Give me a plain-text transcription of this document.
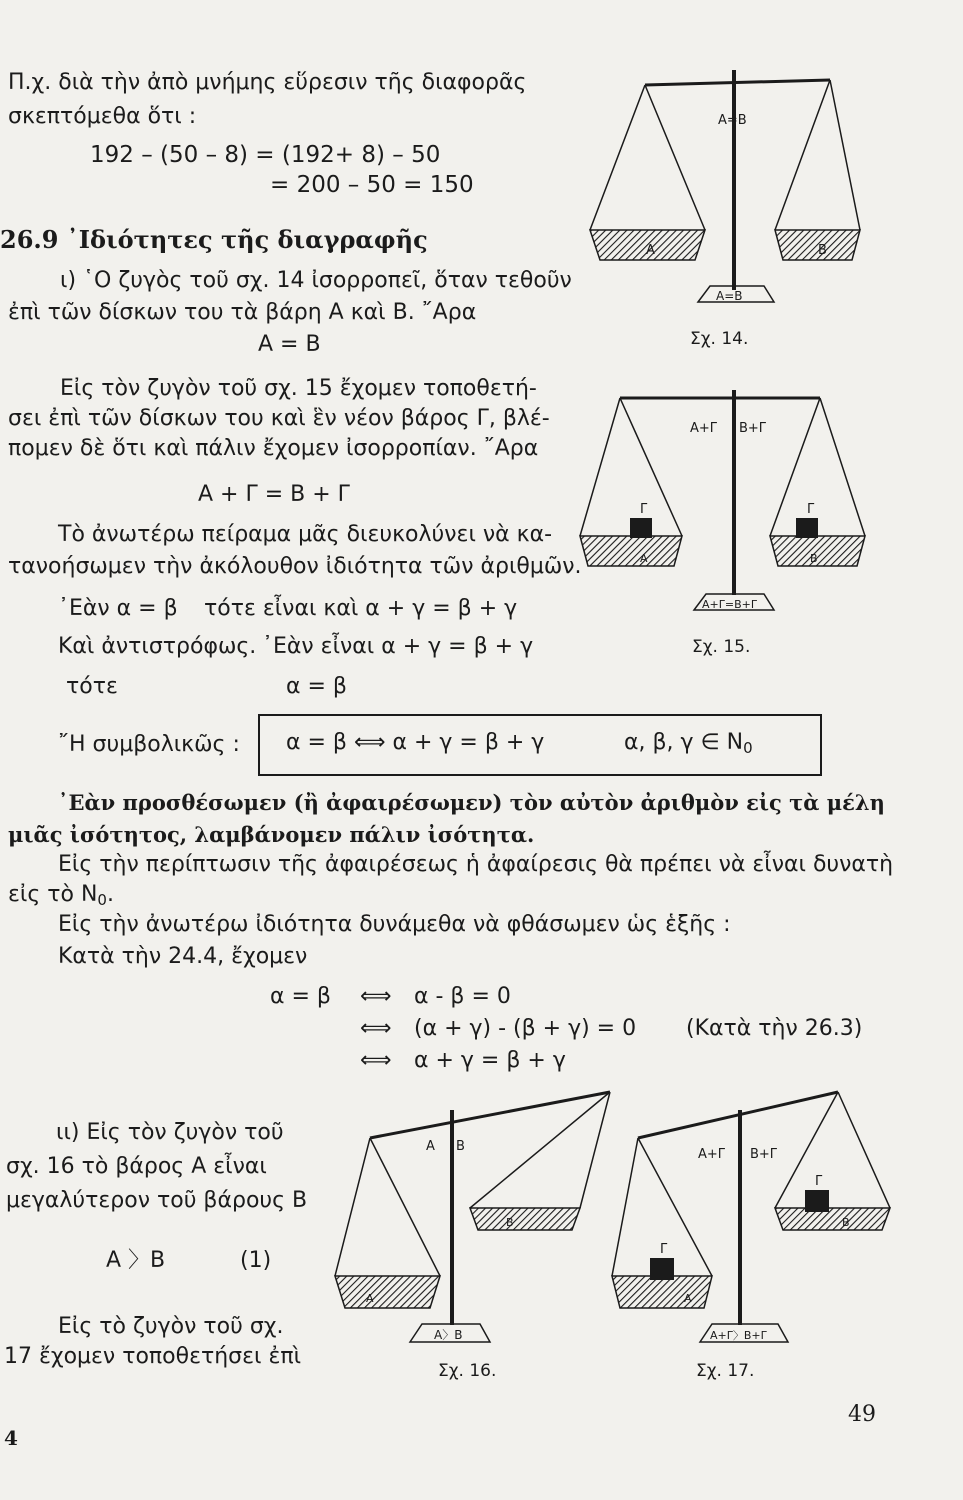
Π.χ. διὰ τὴν ἀπὸ μνήμης εὕρεσιν τῆς διαφορᾶς
σκεπτόμεθα ὅτι :
192 – (50 – 8) = (192+ 8) – 50
= 200 – 50 = 150
26.9 ᾿Ιδιότητες τῆς διαγραφῆς
ι) ῾Ο ζυγὸς τοῦ σχ. 14 ἰσορροπεῖ, ὅταν τεθοῦν
ἐπὶ τῶν δίσκων του τὰ βάρη Α καὶ Β. ῎Αρα
Α = Β
Εἰς τὸν ζυγὸν τοῦ σχ. 15 ἔχομεν τοποθετή-
σει ἐπὶ τῶν δίσκων του καὶ ἓν νέον βάρος Γ, βλέ-
πομεν δὲ ὅτι καὶ πάλιν ἔχομεν ἰσορροπίαν. ῎Αρα
Α + Γ = Β + Γ
Τὸ ἀνωτέρω πείραμα μᾶς διευκολύνει νὰ κα-
τανοήσωμεν τὴν ἀκόλουθον ἰδιότητα τῶν ἀριθμῶν.
᾿Εὰν α = β τότε εἶναι καὶ α + γ = β + γ
Καὶ ἀντιστρόφως. ᾿Εὰν εἶναι α + γ = β + γ
τότε	α = β
῎Η συμβολικῶς : α = β ⟺ α + γ = β + γ	α, β, γ ∈ $N_0$
᾿Εὰν προσθέσωμεν (ἢ ἀφαιρέσωμεν) τὸν αὐτὸν ἀριθμὸν εἰς τὰ μέλη
μιᾶς ἰσότητος, λαμβάνομεν πάλιν ἰσότητα.
Εἰς τὴν περίπτωσιν τῆς ἀφαιρέσεως ἡ ἀφαίρεσις θὰ πρέπει νὰ εἶναι δυνατὴ
εἰς τὸ $N_0$.
Εἰς τὴν ἀνωτέρω ἰδιότητα δυνάμεθα νὰ φθάσωμεν ὡς ἑξῆς :
Κατὰ τὴν 24.4, ἔχομεν
α = β ⟺ α - β = 0
⟺ (α + γ) - (β + γ) = 0 (Κατὰ τὴν 26.3)
⟺ α + γ = β + γ
ιι) Εἰς τὸν ζυγὸν τοῦ
σχ. 16 τὸ βάρος Α εἶναι
μεγαλύτερον τοῦ βάρους Β
Α 〉Β	(1)
Εἰς τὸ ζυγὸν τοῦ σχ.
17 ἔχομεν τοποθετήσει ἐπὶ
49
4
Α=Β
Α	Β
Α=Β
Σχ. 14.
Γ	Γ
Α+Γ Β+Γ
Α	Β
Α+Γ=Β+Γ
Σχ. 15.
Α Β
Α
Β
Α〉Β
Σχ. 16.
Γ
Γ
Α+Γ Β+Γ
Α
Β
Α+Γ〉Β+Γ
Σχ. 17.
